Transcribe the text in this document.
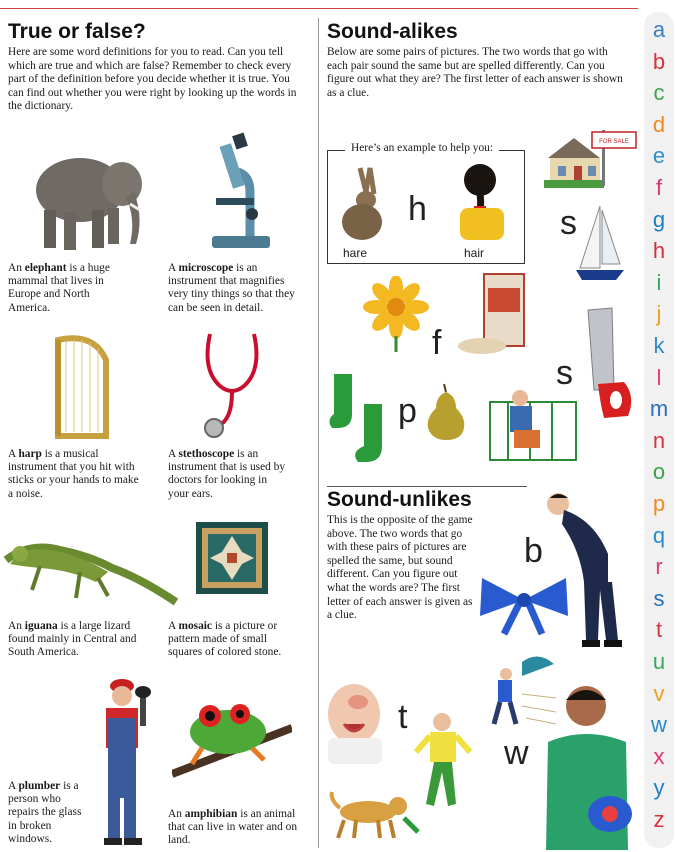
True or false?

Here are some word definitions for you to read. Can you tell which are true and which are false? Remember to check every part of the definition before you decide whether it is true. You can find out whether you were right by looking up the words in the dictionary.

An elephant is a huge mammal that lives in Europe and North America.

A microscope is an instrument that magnifies very tiny things so that they can be seen in detail.

A harp is a musical instrument that you hit with sticks or your hands to make a noise.

A stethoscope is an instrument that is used by doctors for looking in your ears.

An iguana is a large lizard found mainly in Central and South America.

A mosaic is a picture or pattern made of small squares of colored stone.

A plumber is a person who repairs the glass in broken windows.

An amphibian is an animal that can live in water and on land.

Sound-alikes

Below are some pairs of pictures. The two words that go with each pair sound the same but are spelled differently. Can you figure out what they are? The first letter of each answer is shown as a clue.

Here’s an example to help you:
h
hare	hair
FOR SALE
s
f
s
p
Sound-unlikes

This is the opposite of the game above. The two words that go with these pairs of pictures are spelled the same, but sound different. Can you figure out what the words are? The first letter of each answer is given as a clue.

b
t
w
a
b
c
d
e
f
g
h
i
j
k
l
m
n
o
p
q
r
s
t
u
v
w
x
y
z
